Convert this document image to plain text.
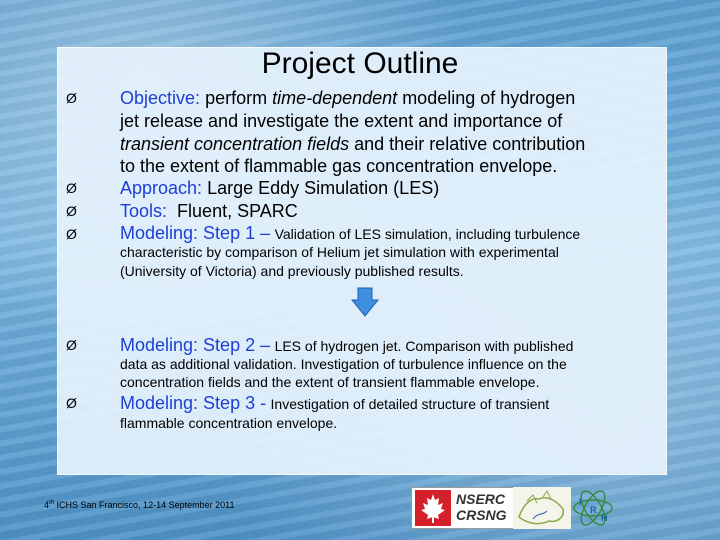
Project Outline
Ø
Ø
Ø
Ø
Ø
Ø
Objective: perform time-dependent modeling of hydrogen
jet release and investigate the extent and importance of
transient concentration fields and their relative contribution
to the extent of flammable gas concentration envelope.
Approach: Large Eddy Simulation (LES)
Tools: Fluent, SPARC
Modeling: Step 1 – Validation of LES simulation, including turbulence
characteristic by comparison of Helium jet simulation with experimental
(University of Victoria) and previously published results.
Modeling: Step 2 – LES of hydrogen jet. Comparison with published
data as additional validation. Investigation of turbulence influence on the
concentration fields and the extent of transient flammable envelope.
Modeling: Step 3 - Investigation of detailed structure of transient
flammable concentration envelope.
4th ICHS San Francisco, 12-14 September 2011	NSERC
CRSNG
I
R
H
